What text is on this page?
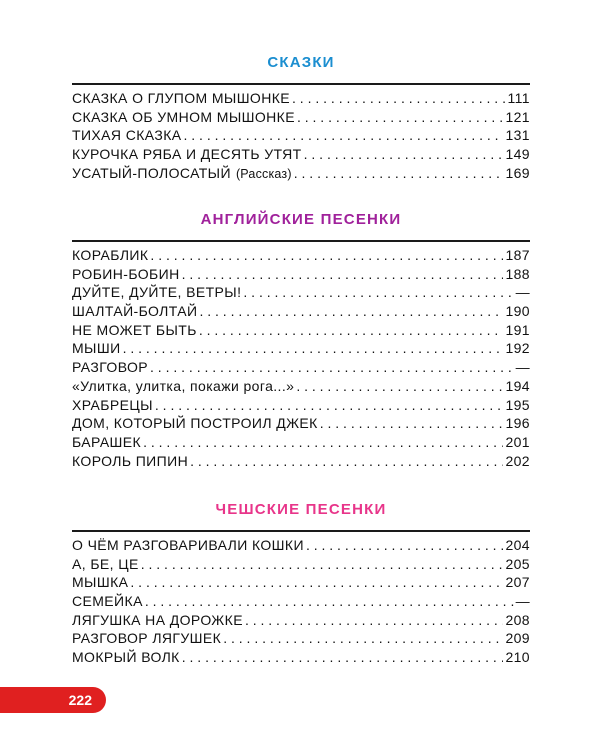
СКАЗКИ
СКАЗКА О ГЛУПОМ МЫШОНКЕ . . .	111
СКАЗКА ОБ УМНОМ МЫШОНКЕ . . .	121
ТИХАЯ СКАЗКА . . .	131
КУРОЧКА РЯБА И ДЕСЯТЬ УТЯТ . . .	149
УСАТЫЙ-ПОЛОСАТЫЙ (Рассказ) . . .	169
АНГЛИЙСКИЕ ПЕСЕНКИ
КОРАБЛИК . . .	187
РОБИН-БОБИН . . .	188
ДУЙТЕ, ДУЙТЕ, ВЕТРЫ! . . .	—
ШАЛТАЙ-БОЛТАЙ . . .	190
НЕ МОЖЕТ БЫТЬ . . .	191
МЫШИ . . .	192
РАЗГОВОР . . .	—
«Улитка, улитка, покажи рога...» . . .	194
ХРАБРЕЦЫ . . .	195
ДОМ, КОТОРЫЙ ПОСТРОИЛ ДЖЕК . . .	196
БАРАШЕК . . .	201
КОРОЛЬ ПИПИН . . .	202
ЧЕШСКИЕ ПЕСЕНКИ
О ЧЁМ РАЗГОВАРИВАЛИ КОШКИ . . .	204
А, БЕ, ЦЕ . . .	205
МЫШКА . . .	207
СЕМЕЙКА . . .	—
ЛЯГУШКА НА ДОРОЖКЕ . . .	208
РАЗГОВОР ЛЯГУШЕК . . .	209
МОКРЫЙ ВОЛК . . .	210
222
